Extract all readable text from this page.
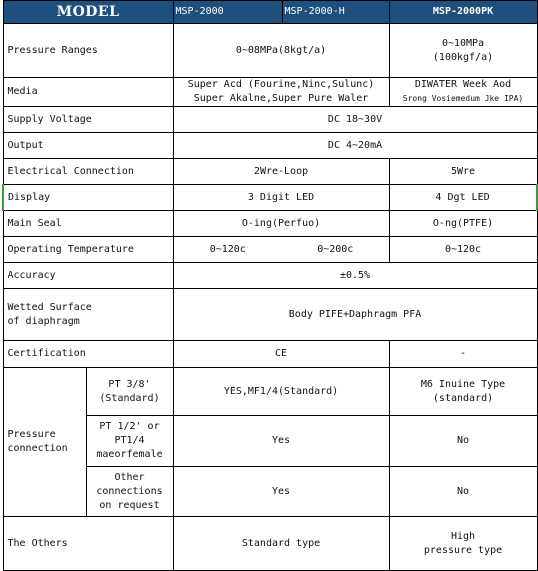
MODEL		MSP-2000	MSP-2000-H	MSP-2000PK
Pressure Ranges		0~08MPa(8kgt/a)		0~10MPa
(100kgf/a)

Media		Super Acd (Fourine,Ninc,Sulunc)
Super Akalne,Super Pure Waler		DIWATER Week Aod
Srong Vosiemedum Jke IPA)

Supply Voltage		DC 18~30V		
Output		DC 4~20mA		
Electrical Connection		2Wre-Loop		5Wre
Display		3 Digit LED		4 Dgt LED
Main Seal		O-ing(Perfuo)		O-ng(PTFE)
Operating Temperature		0~120c	0~200c	0~120c
Accuracy		±0.5%		

Wetted Surface
of diaphragm		Body PIFE+Daphragm PFA		
Certification		CE		-

Pressure
connection	PT 3/8'
(Standard)	YES,MF1/4(Standard)		M6 Inuine Type
(standard)

	PT 1/2' or
PT1/4
maeorfemale	Yes		No

	Other
connections
on request	Yes		No
The Others		Standard type		High
pressure type
